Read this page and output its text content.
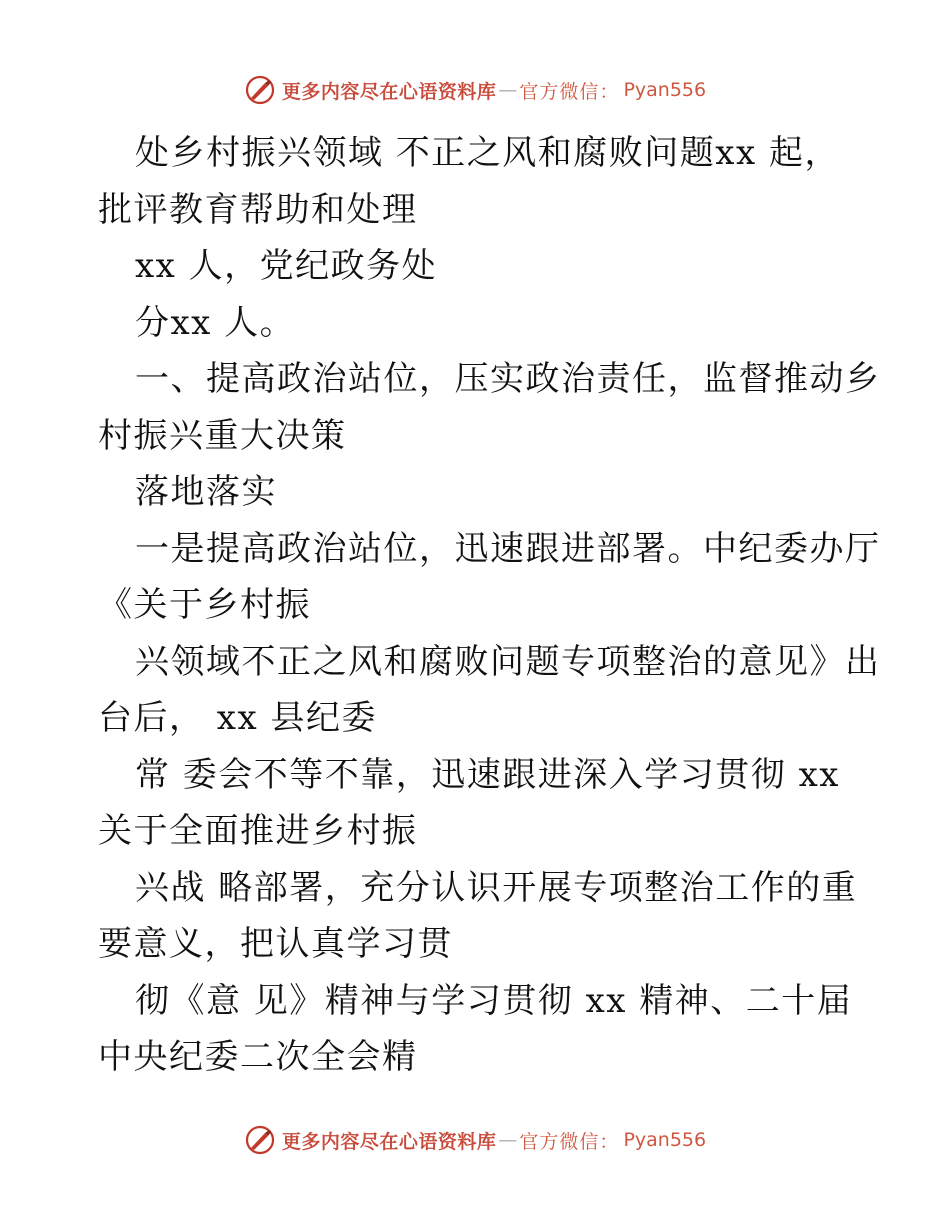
更多内容尽在心语资料库 — 官方微信： Pyan556
处乡村振兴领域 不正之风和腐败问题xx 起，
批评教育帮助和处理
xx 人，党纪政务处
分xx 人。
一、提高政治站位，压实政治责任，监督推动乡
村振兴重大决策
落地落实
一是提高政治站位，迅速跟进部署。中纪委办厅
《关于乡村振
兴领域不正之风和腐败问题专项整治的意见》出
台后， xx 县纪委
常 委会不等不靠，迅速跟进深入学习贯彻 xx
关于全面推进乡村振
兴战 略部署，充分认识开展专项整治工作的重
要意义，把认真学习贯
彻《意 见》精神与学习贯彻 xx 精神、二十届
中央纪委二次全会精
更多内容尽在心语资料库 — 官方微信： Pyan556
